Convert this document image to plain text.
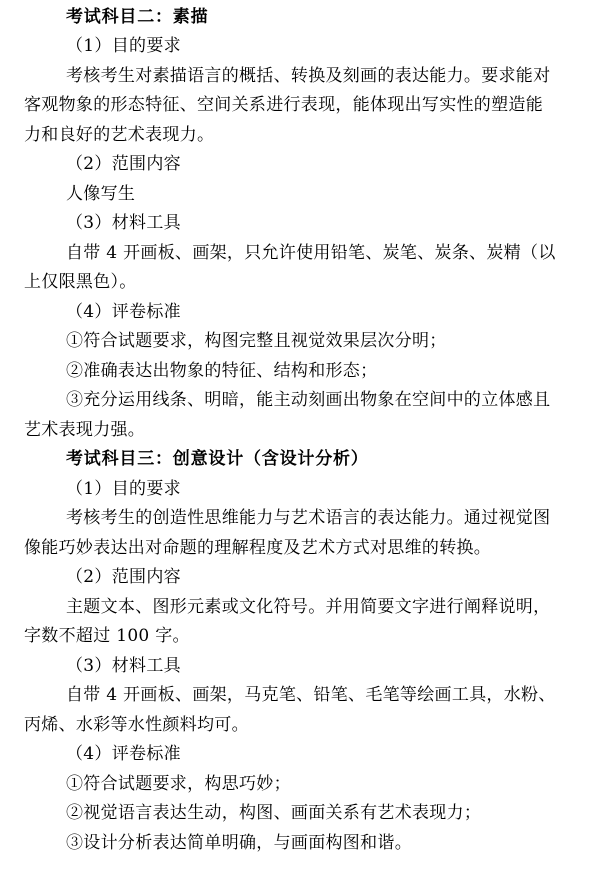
考试科目二：素描
（1）目的要求
考核考生对素描语言的概括、转换及刻画的表达能力。要求能对
客观物象的形态特征、空间关系进行表现，能体现出写实性的塑造能
力和良好的艺术表现力。
（2）范围内容
人像写生
（3）材料工具
自带 4 开画板、画架，只允许使用铅笔、炭笔、炭条、炭精（以
上仅限黑色）。
（4）评卷标准
①符合试题要求，构图完整且视觉效果层次分明；
②准确表达出物象的特征、结构和形态；
③充分运用线条、明暗，能主动刻画出物象在空间中的立体感且
艺术表现力强。
考试科目三：创意设计（含设计分析）
（1）目的要求
考核考生的创造性思维能力与艺术语言的表达能力。通过视觉图
像能巧妙表达出对命题的理解程度及艺术方式对思维的转换。
（2）范围内容
主题文本、图形元素或文化符号。并用简要文字进行阐释说明，
字数不超过 100 字。
（3）材料工具
自带 4 开画板、画架，马克笔、铅笔、毛笔等绘画工具，水粉、
丙烯、水彩等水性颜料均可。
（4）评卷标准
①符合试题要求，构思巧妙；
②视觉语言表达生动，构图、画面关系有艺术表现力；
③设计分析表达简单明确，与画面构图和谐。
